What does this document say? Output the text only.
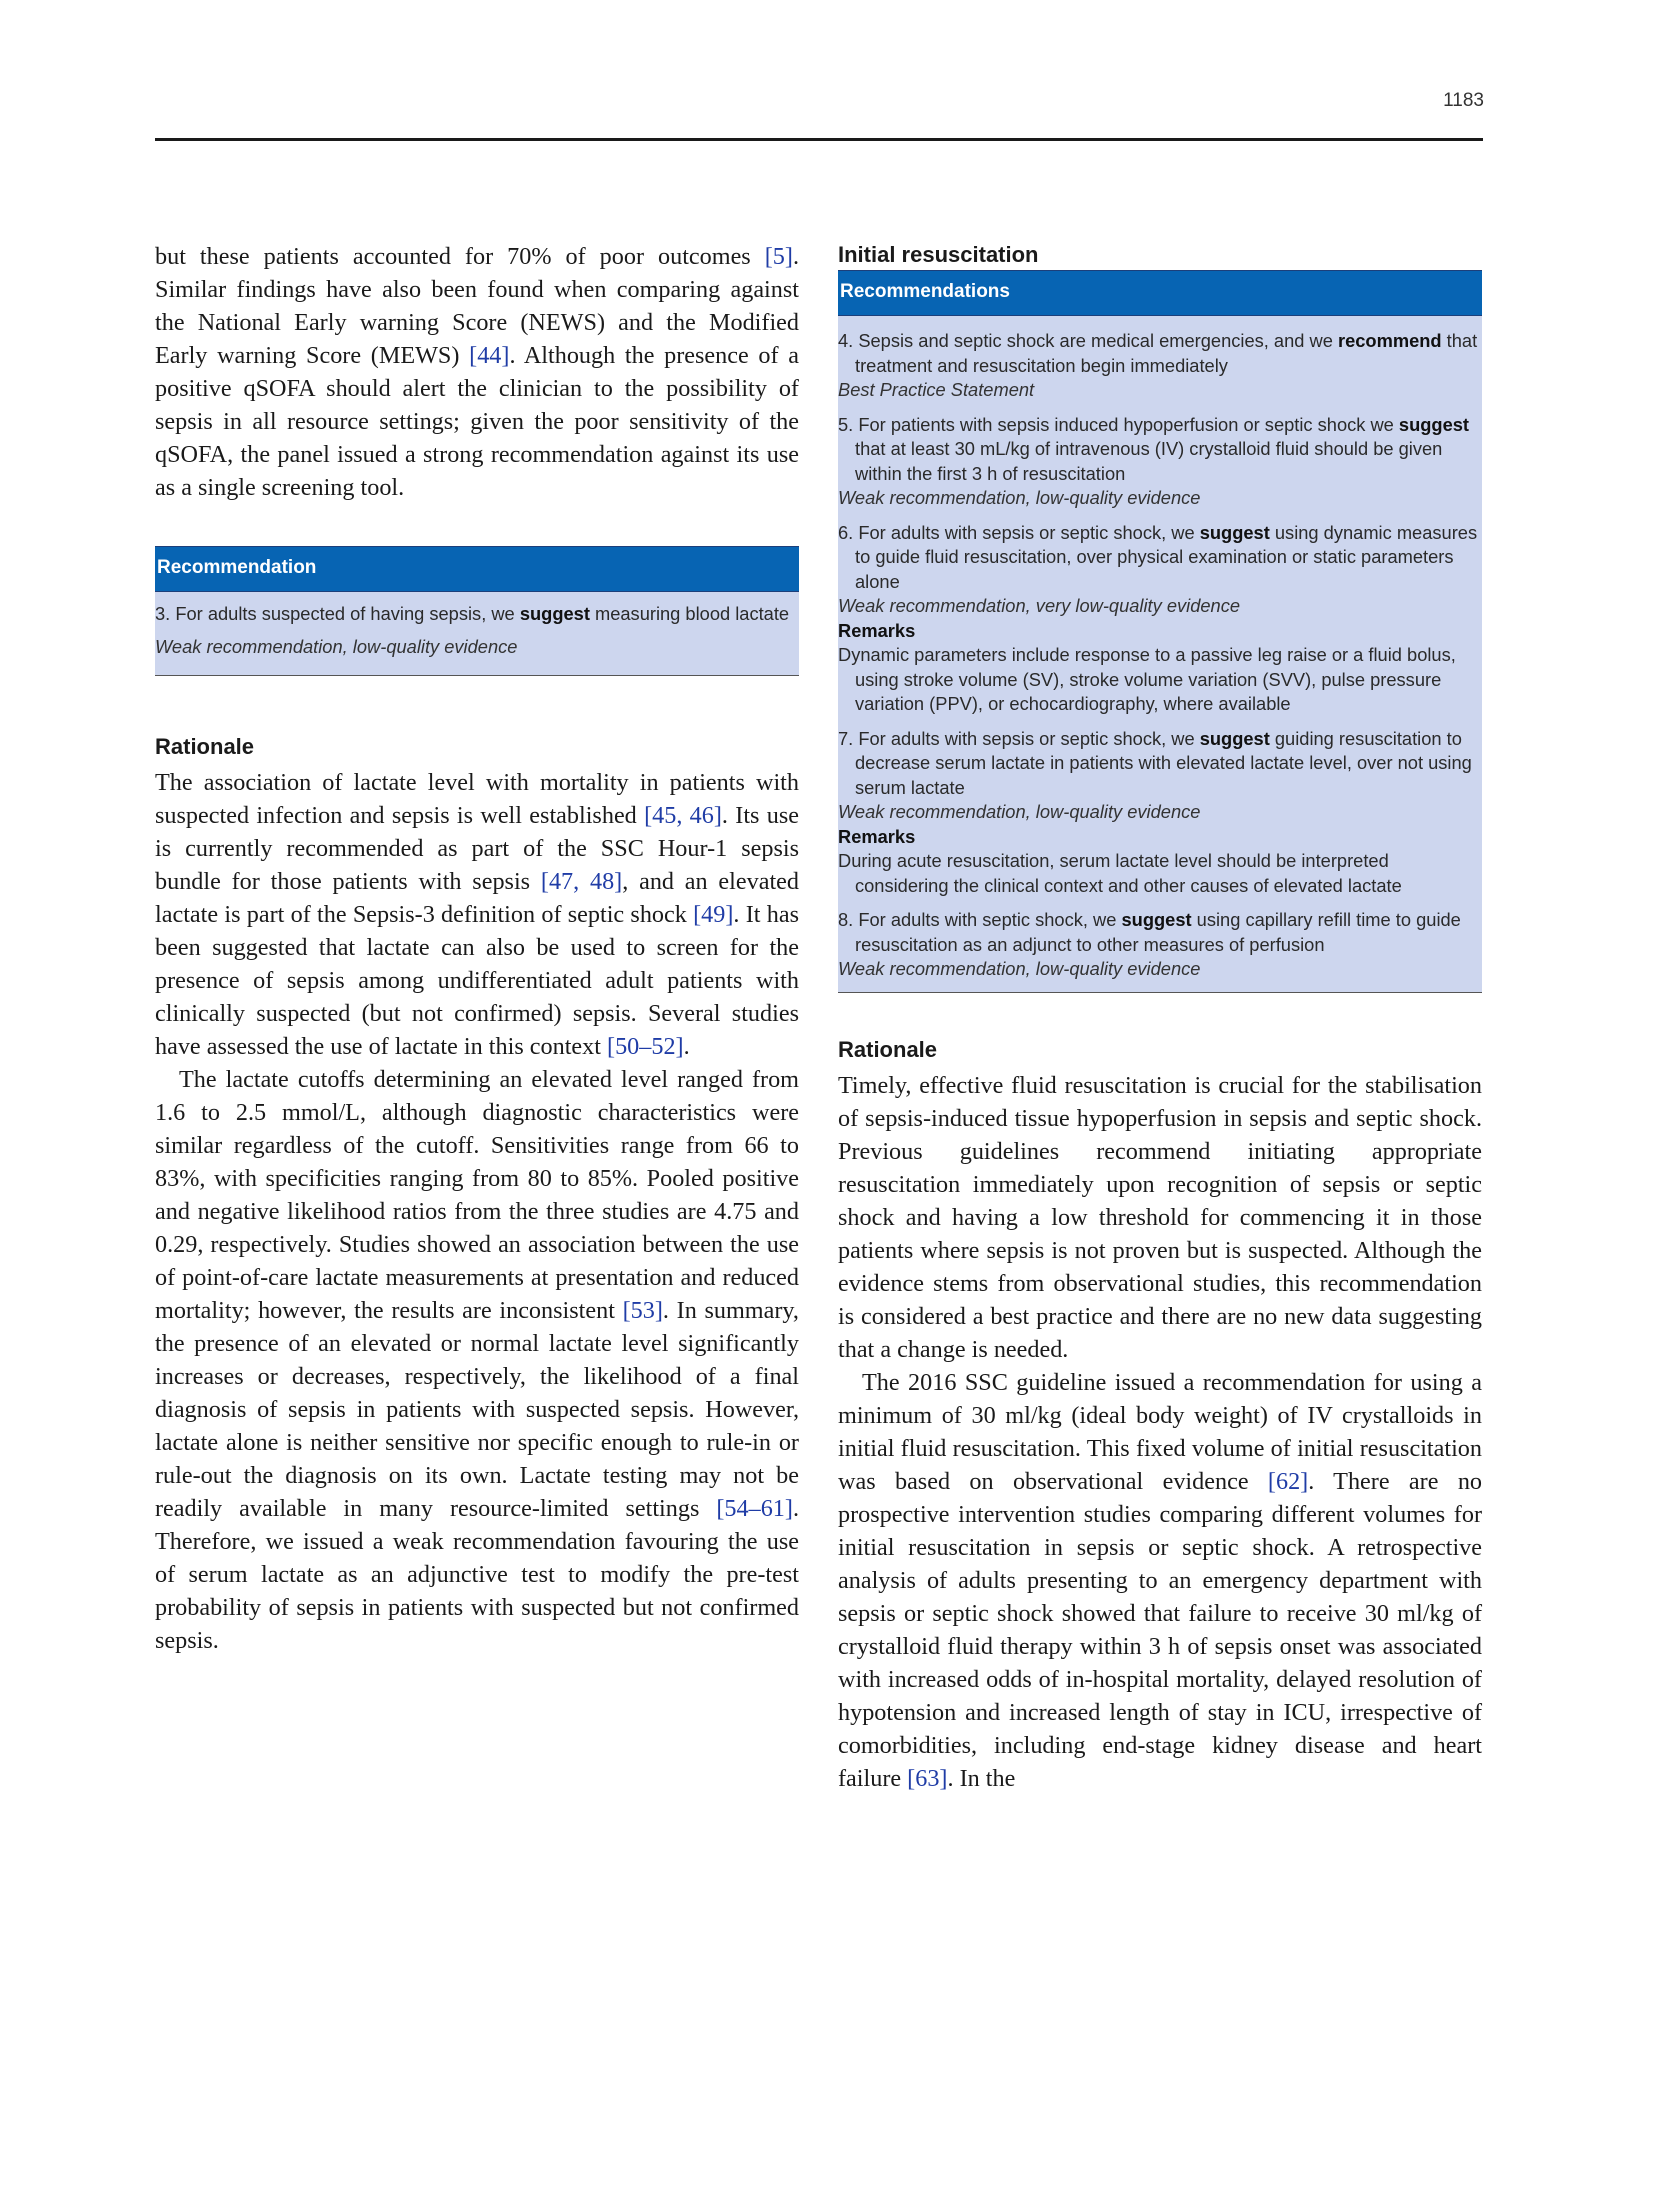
1183

but these patients accounted for 70% of poor outcomes [5]. Similar findings have also been found when comparing against the National Early warning Score (NEWS) and the Modified Early warning Score (MEWS) [44]. Although the presence of a positive qSOFA should alert the clinician to the possibility of sepsis in all resource settings; given the poor sensitivity of the qSOFA, the panel issued a strong recommendation against its use as a single screening tool.

Recommendation
3. For adults suspected of having sepsis, we suggest measuring blood lactate
Weak recommendation, low-quality evidence
Rationale

The association of lactate level with mortality in patients with suspected infection and sepsis is well established [45, 46]. Its use is currently recommended as part of the SSC Hour-1 sepsis bundle for those patients with sepsis [47, 48], and an elevated lactate is part of the Sepsis-3 definition of septic shock [49]. It has been suggested that lactate can also be used to screen for the presence of sepsis among undifferentiated adult patients with clinically suspected (but not confirmed) sepsis. Several studies have assessed the use of lactate in this context [50–52].

The lactate cutoffs determining an elevated level ranged from 1.6 to 2.5 mmol/L, although diagnostic characteristics were similar regardless of the cutoff. Sensitivities range from 66 to 83%, with specificities ranging from 80 to 85%. Pooled positive and negative likelihood ratios from the three studies are 4.75 and 0.29, respectively. Studies showed an association between the use of point-of-care lactate measurements at presentation and reduced mortality; however, the results are inconsistent [53]. In summary, the presence of an elevated or normal lactate level significantly increases or decreases, respectively, the likelihood of a final diagnosis of sepsis in patients with suspected sepsis. However, lactate alone is neither sensitive nor specific enough to rule-in or rule-out the diagnosis on its own. Lactate testing may not be readily available in many resource-limited settings [54–61]. Therefore, we issued a weak recommendation favouring the use of serum lactate as an adjunctive test to modify the pre-test probability of sepsis in patients with suspected but not confirmed sepsis.

Initial resuscitation
Recommendations
4. Sepsis and septic shock are medical emergencies, and we recommend that treatment and resuscitation begin immediately
Best Practice Statement
5. For patients with sepsis induced hypoperfusion or septic shock we suggest that at least 30 mL/kg of intravenous (IV) crystalloid fluid should be given within the first 3 h of resuscitation
Weak recommendation, low-quality evidence
6. For adults with sepsis or septic shock, we suggest using dynamic measures to guide fluid resuscitation, over physical examination or static parameters alone
Weak recommendation, very low-quality evidence
Remarks
Dynamic parameters include response to a passive leg raise or a fluid bolus, using stroke volume (SV), stroke volume variation (SVV), pulse pressure variation (PPV), or echocardiography, where available
7. For adults with sepsis or septic shock, we suggest guiding resuscitation to decrease serum lactate in patients with elevated lactate level, over not using serum lactate
Weak recommendation, low-quality evidence
Remarks
During acute resuscitation, serum lactate level should be interpreted considering the clinical context and other causes of elevated lactate
8. For adults with septic shock, we suggest using capillary refill time to guide resuscitation as an adjunct to other measures of perfusion
Weak recommendation, low-quality evidence
Rationale

Timely, effective fluid resuscitation is crucial for the stabilisation of sepsis-induced tissue hypoperfusion in sepsis and septic shock. Previous guidelines recommend initiating appropriate resuscitation immediately upon recognition of sepsis or septic shock and having a low threshold for commencing it in those patients where sepsis is not proven but is suspected. Although the evidence stems from observational studies, this recommendation is considered a best practice and there are no new data suggesting that a change is needed.

The 2016 SSC guideline issued a recommendation for using a minimum of 30 ml/kg (ideal body weight) of IV crystalloids in initial fluid resuscitation. This fixed volume of initial resuscitation was based on observational evidence [62]. There are no prospective intervention studies comparing different volumes for initial resuscitation in sepsis or septic shock. A retrospective analysis of adults presenting to an emergency department with sepsis or septic shock showed that failure to receive 30 ml/kg of crystalloid fluid therapy within 3 h of sepsis onset was associated with increased odds of in-hospital mortality, delayed resolution of hypotension and increased length of stay in ICU, irrespective of comorbidities, including end-stage kidney disease and heart failure [63]. In the
